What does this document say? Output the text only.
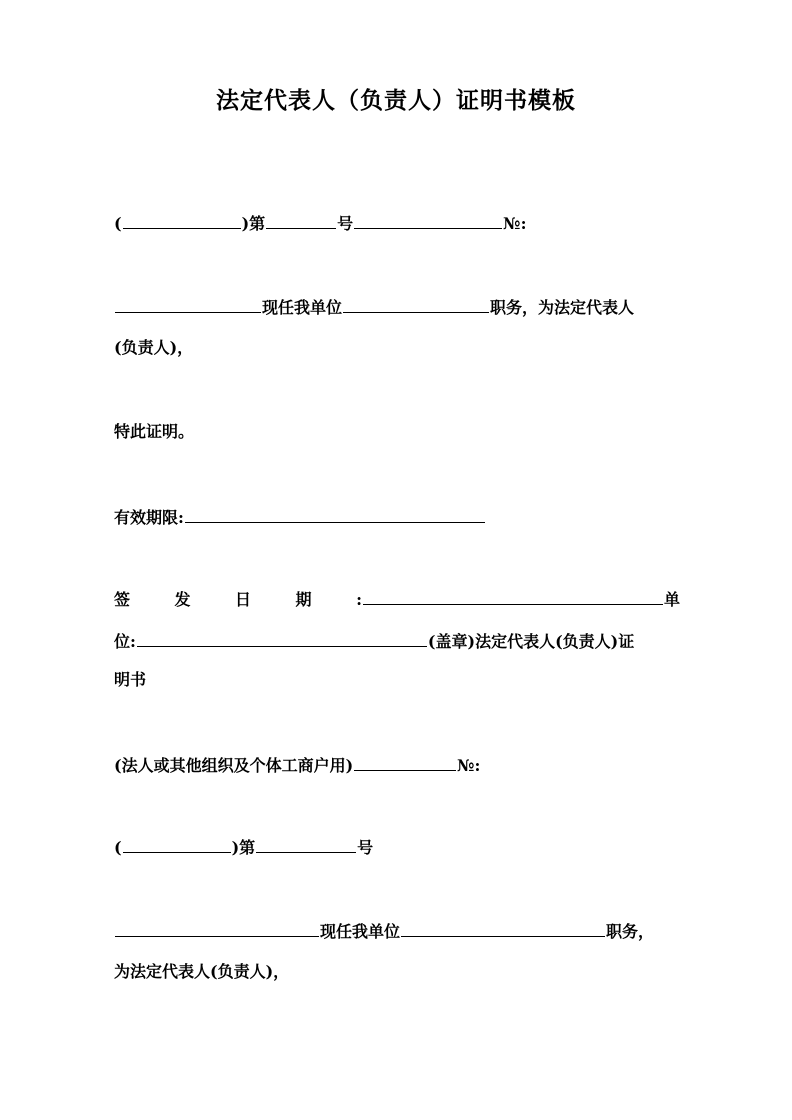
法定代表人（负责人）证明书模板
(	)第	号	№:
现任我单位	职务，为法定代表人
(负责人)，
特此证明。
有效期限:
签	发	日	期	:	单
位:	(盖章)法定代表人(负责人)证
明书
(法人或其他组织及个体工商户用)	№:
(	)第	号
现任我单位	职务，
为法定代表人(负责人)，
